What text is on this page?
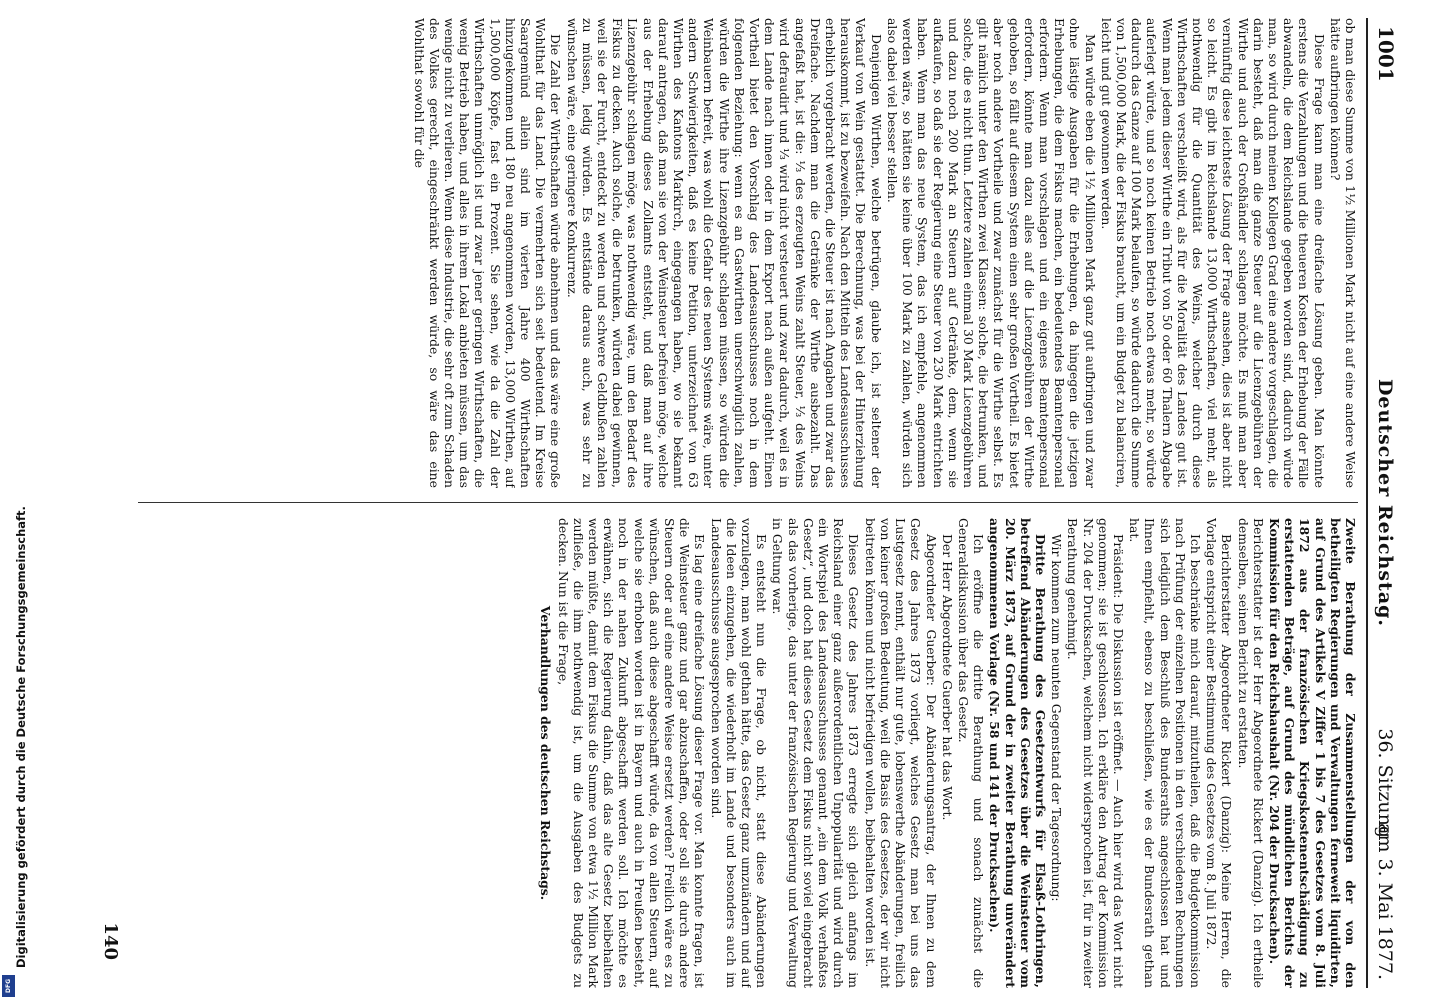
1001
Deutscher Reichstag.
36. Sitzung
am 3. Mai 1877.

ob man diese Summe von 1½ Millionen Mark nicht auf eine andere Weise hätte aufbringen können?

Diese Frage kann man eine dreifache Lösung geben. Man könnte erstens die Verzahlungen und die theueren Kosten der Erhebung der Fälle abwandeln, die dem Reichslande gegeben worden sind, dadurch würde man, so wird durch meinen Kollegen Grad eine andere vorgeschlagen, die darin besteht, daß man die ganze Steuer auf die Licenzgebühren der Wirthe und auch der Großhändler schlagen möchte. Es muß man aber vernünftig diese leichteste Lösung der Frage ansehen, dies ist aber nicht so leicht. Es gibt im Reichslande 13,000 Wirthschaften, viel mehr, als nothwendig für die Quantität des Weins, welcher durch diese Wirthschaften verschleißt wird, als für die Moralität des Landes gut ist. Wenn man jedem dieser Wirthe ein Tribut von 50 oder 60 Thalern Abgabe auferlegt würde, und so noch keinen Betrieb noch etwas mehr, so würde dadurch das Ganze auf 100 Mark belaufen, so würde dadurch die Summe von 1,500,000 Mark, die der Fiskus braucht, um ein Budget zu balanciren, leicht und gut gewonnen werden.

Man würde eben die 1½ Millionen Mark ganz gut aufbringen und zwar ohne lästige Ausgaben für die Erhebungen, da hingegen die jetzigen Erhebungen, die dem Fiskus machen, ein bedeutendes Beamtenpersonal erfordern. Wenn man vorschlagen und ein eigenes Beamtenpersonal erfordern, könnte man dazu alles auf die Licenzgebühren der Wirthe gehoben, so fällt auf diesem System einen sehr großen Vortheil. Es bietet aber noch andere Vortheile und zwar zunächst für die Wirthe selbst. Es gilt nämlich unter den Wirthen zwei Klassen: solche, die betrunken, und solche, die es nicht thun. Letztere zahlen einmal 30 Mark Licenzgebühren und dazu noch 200 Mark an Steuern auf Getränke, dem, wenn sie aufkaufen, so daß sie der Regierung eine Steuer von 230 Mark entrichten haben. Wenn man das neue System, das ich empfehle, angenommen werden wäre, so hätten sie keine über 100 Mark zu zahlen, würden sich also dabei viel besser stellen.

Denjenigen Wirthen, welche betrügen, glaube ich, ist seltener der Verkauf von Wein gestattet. Die Berechnung, was bei der Hinterziehung herauskommt, ist zu bezweifeln. Nach den Mitteln des Landesausschusses erheblich vorgebracht werden, die Steuer ist nach Angaben und zwar das Dreifache. Nachdem man die Getränke der Wirthe ausbezahlt. Das angefaßt hat, ist die: ⅓ des erzeugten Weins zahlt Steuer, ⅓ des Weins wird defraudirt und ⅓ wird nicht versteuert und zwar dadurch, weil es in dem Lande nach innen oder in dem Export nach außen aufgeht. Einen Vortheil bietet den Vorschlag des Landesausschusses noch in dem folgenden Beziehung: wenn es an Gastwirthen unerschwinglich zahlen, würden die Wirthe ihre Lizenzgebühr schlagen müssen, so würden die Weinbauern befreit, was wohl die Gefahr des neuen Systems wäre, unter andern Schwierigkeiten, daß es keine Petition, unterzeichnet von 63 Wirthen des Kantons Markirch, eingegangen haben, wo sie bekannt darauf antragen, daß man sie von der Weinsteuer befreien möge, welche aus der Erhebung dieses Zollamts entsteht, und daß man auf ihre Lizenzgebühr schlagen möge, was nothwendig wäre, um den Bedarf des Fiskus zu decken. Auch solche, die betrunken, würden dabei gewinnen, weil sie der Furcht, entdeckt zu werden und schwere Geldbußen zahlen zu müssen, ledig würden. Es entstände daraus auch, was sehr zu wünschen wäre, eine geringere Konkurrenz.

Die Zahl der Wirthschaften würde abnehmen und das wäre eine große Wohlthat für das Land. Die vermehrten sich seit bedeutend. Im Kreise Saargemünd allein sind im vierten Jahre 400 Wirthschaften hinzugekommen und 180 neu angenommen worden, 13,000 Wirthen, auf 1,500,000 Köpfe, fast ein Prozent. Sie sehen, wie da die Zahl der Wirthschaften unmöglich ist und zwar jener geringen Wirthschaften, die wenig Betrieb haben, und alles in ihrem Lokal anbieten müssen, um das wenige nicht zu verlieren. Wenn diese Industrie, die sehr oft zum Schaden des Volkes gerecht, eingeschränkt werden würde, so wäre das eine Wohlthat sowohl für die

Zweite Berathung der Zusammenstellungen der von den betheiligten Regierungen und Verwaltungen ferneweit liquidirten, auf Grund des Artikels V Ziffer 1 bis 7 des Gesetzes vom 8. Juli 1872 aus der französischen Kriegskostenentschädigung zu erstattenden Beträge, auf Grund des mündlichen Berichts der Kommission für den Reichshaushalt (Nr. 204 der Drucksachen).

Berichterstatter ist der Herr Abgeordnete Rickert (Danzig). Ich ertheile demselben, seinen Bericht zu erstatten.

Berichterstatter Abgeordneter Rickert (Danzig): Meine Herren, die Vorlage entspricht einer Bestimmung des Gesetzes vom 8. Juli 1872.

Ich beschränke mich darauf, mitzutheilen, daß die Budgetkommission nach Prüfung der einzelnen Positionen in den verschiedenen Rechnungen sich lediglich dem Beschluß des Bundesraths angeschlossen hat und Ihnen empfiehlt, ebenso zu beschließen, wie es der Bundesrath gethan hat.

Präsident: Die Diskussion ist eröffnet. — Auch hier wird das Wort nicht genommen; sie ist geschlossen. Ich erkläre den Antrag der Kommission Nr. 204 der Drucksachen, welchem nicht widersprochen ist, für in zweiter Berathung genehmigt.

Wir kommen zum neunten Gegenstand der Tagesordnung:

Dritte Berathung des Gesetzentwurfs für Elsaß-Lothringen, betreffend Abänderungen des Gesetzes über die Weinsteuer vom 20. März 1873, auf Grund der in zweiter Berathung unverändert angenommenen Vorlage (Nr. 58 und 141 der Drucksachen).

Ich eröffne die dritte Berathung und sonach zunächst die Generaldiskussion über das Gesetz.

Der Herr Abgeordnete Guerber hat das Wort.

Abgeordneter Guerber: Der Abänderungsantrag, der Ihnen zu dem Gesetz des Jahres 1873 vorliegt, welches Gesetz man bei uns das Lustgesetz nennt, enthält nur gute, lobenswerthe Abänderungen, freilich von keiner großen Bedeutung, weil die Basis des Gesetzes, der wir nicht beitreten können und nicht befriedigen wollen, beibehalten worden ist.

Dieses Gesetz des Jahres 1873 erregte sich gleich anfangs im Reichsland einer ganz außerordentlichen Unpopularität und wird durch ein Wortspiel des Landesausschusses genannt „ein dem Volk verhaßtes Gesetz“, und doch hat dieses Gesetz dem Fiskus nicht soviel eingebracht als das vorherige, das unter der französischen Regierung und Verwaltung in Geltung war.

Es entsteht nun die Frage, ob nicht, statt diese Abänderungen vorzulegen, man wohl gethan hätte, das Gesetz ganz umzuändern und auf die Ideen einzugehen, die wiederholt im Lande und besonders auch im Landesausschusse ausgesprochen worden sind.

Es lag eine dreifache Lösung dieser Frage vor. Man konnte fragen, ist die Weinsteuer ganz und gar abzuschaffen, oder soll sie durch andere Steuern oder auf eine andere Weise ersetzt werden? Freilich wäre es zu wünschen, daß auch diese abgeschafft würde, da von allen Steuern, auf welche sie erhoben worden ist in Bayern und auch in Preußen besteht, noch in der nahen Zukunft abgeschafft werden soll. Ich möchte es erwähnen, sich die Regierung dahin, daß das alte Gesetz beibehalten werden müßte, damit dem Fiskus die Summe von etwa 1½ Million Mark zufließe, die ihm nothwendig ist, um die Ausgaben des Budgets zu decken. Nun ist die Frage,

Verhandlungen des deutschen Reichstags.

140
Digitalisierung gefördert durch die Deutsche Forschungsgemeinschaft.
DFG
